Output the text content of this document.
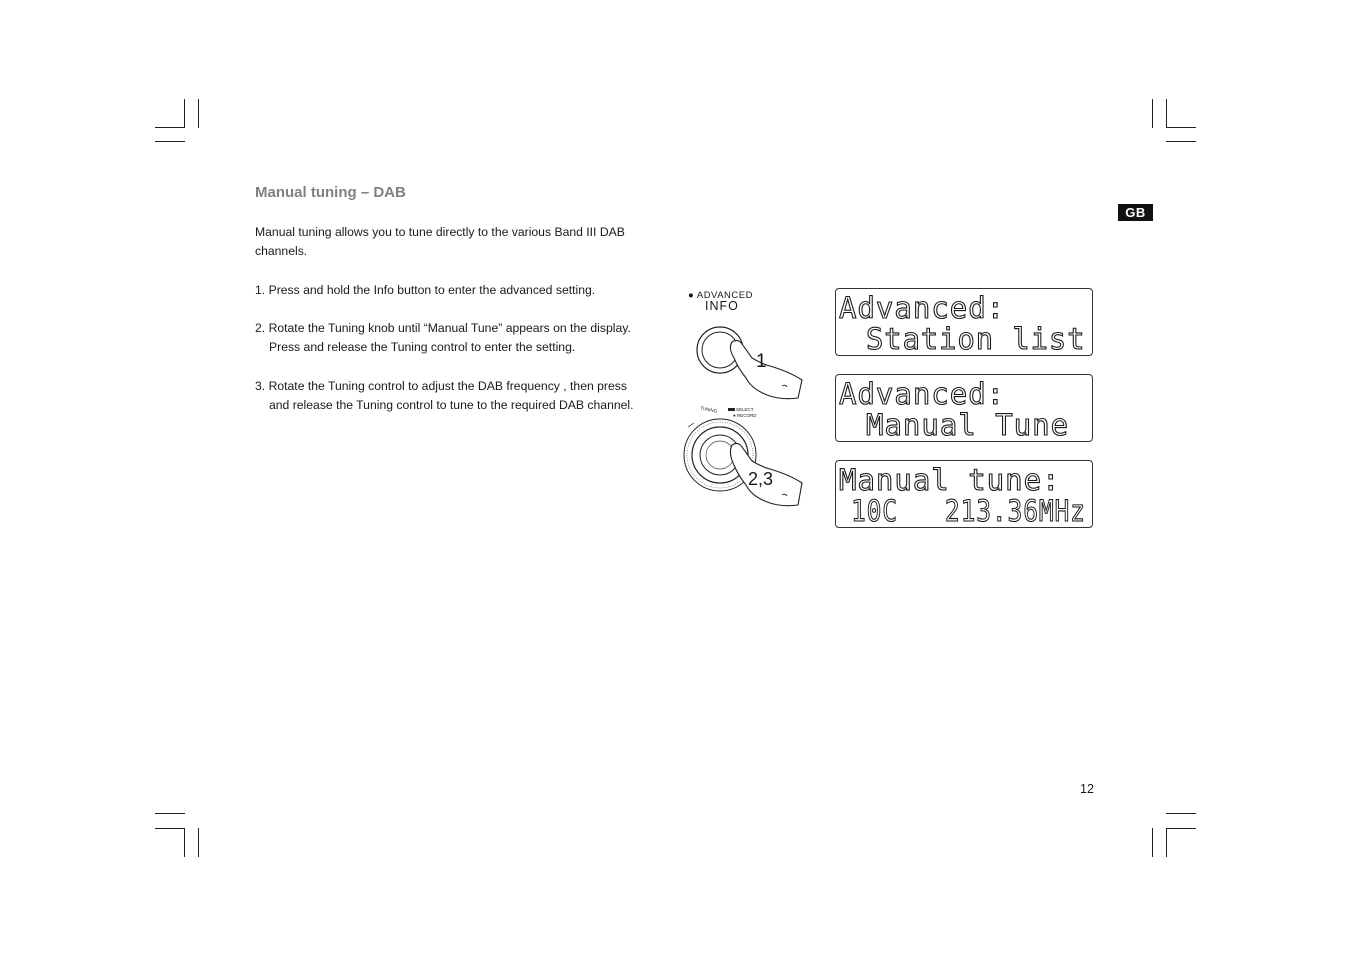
Manual tuning – DAB
GB
Manual tuning allows you to tune directly to the various Band III DAB channels.
1. Press and hold the Info button to enter the advanced setting.
2. Rotate the Tuning knob until “Manual Tune” appears on the display.
Press and release the Tuning control to enter the setting.
3. Rotate the Tuning control to adjust the DAB frequency , then press
and release the Tuning control to tune to the required DAB channel.
● ADVANCED
INFO
1
TUNING	SELECT
● RECORD
2,3
Advanced:
Station list
Advanced:
Manual Tune
Manual tune:
10C   213.36MHz
12
